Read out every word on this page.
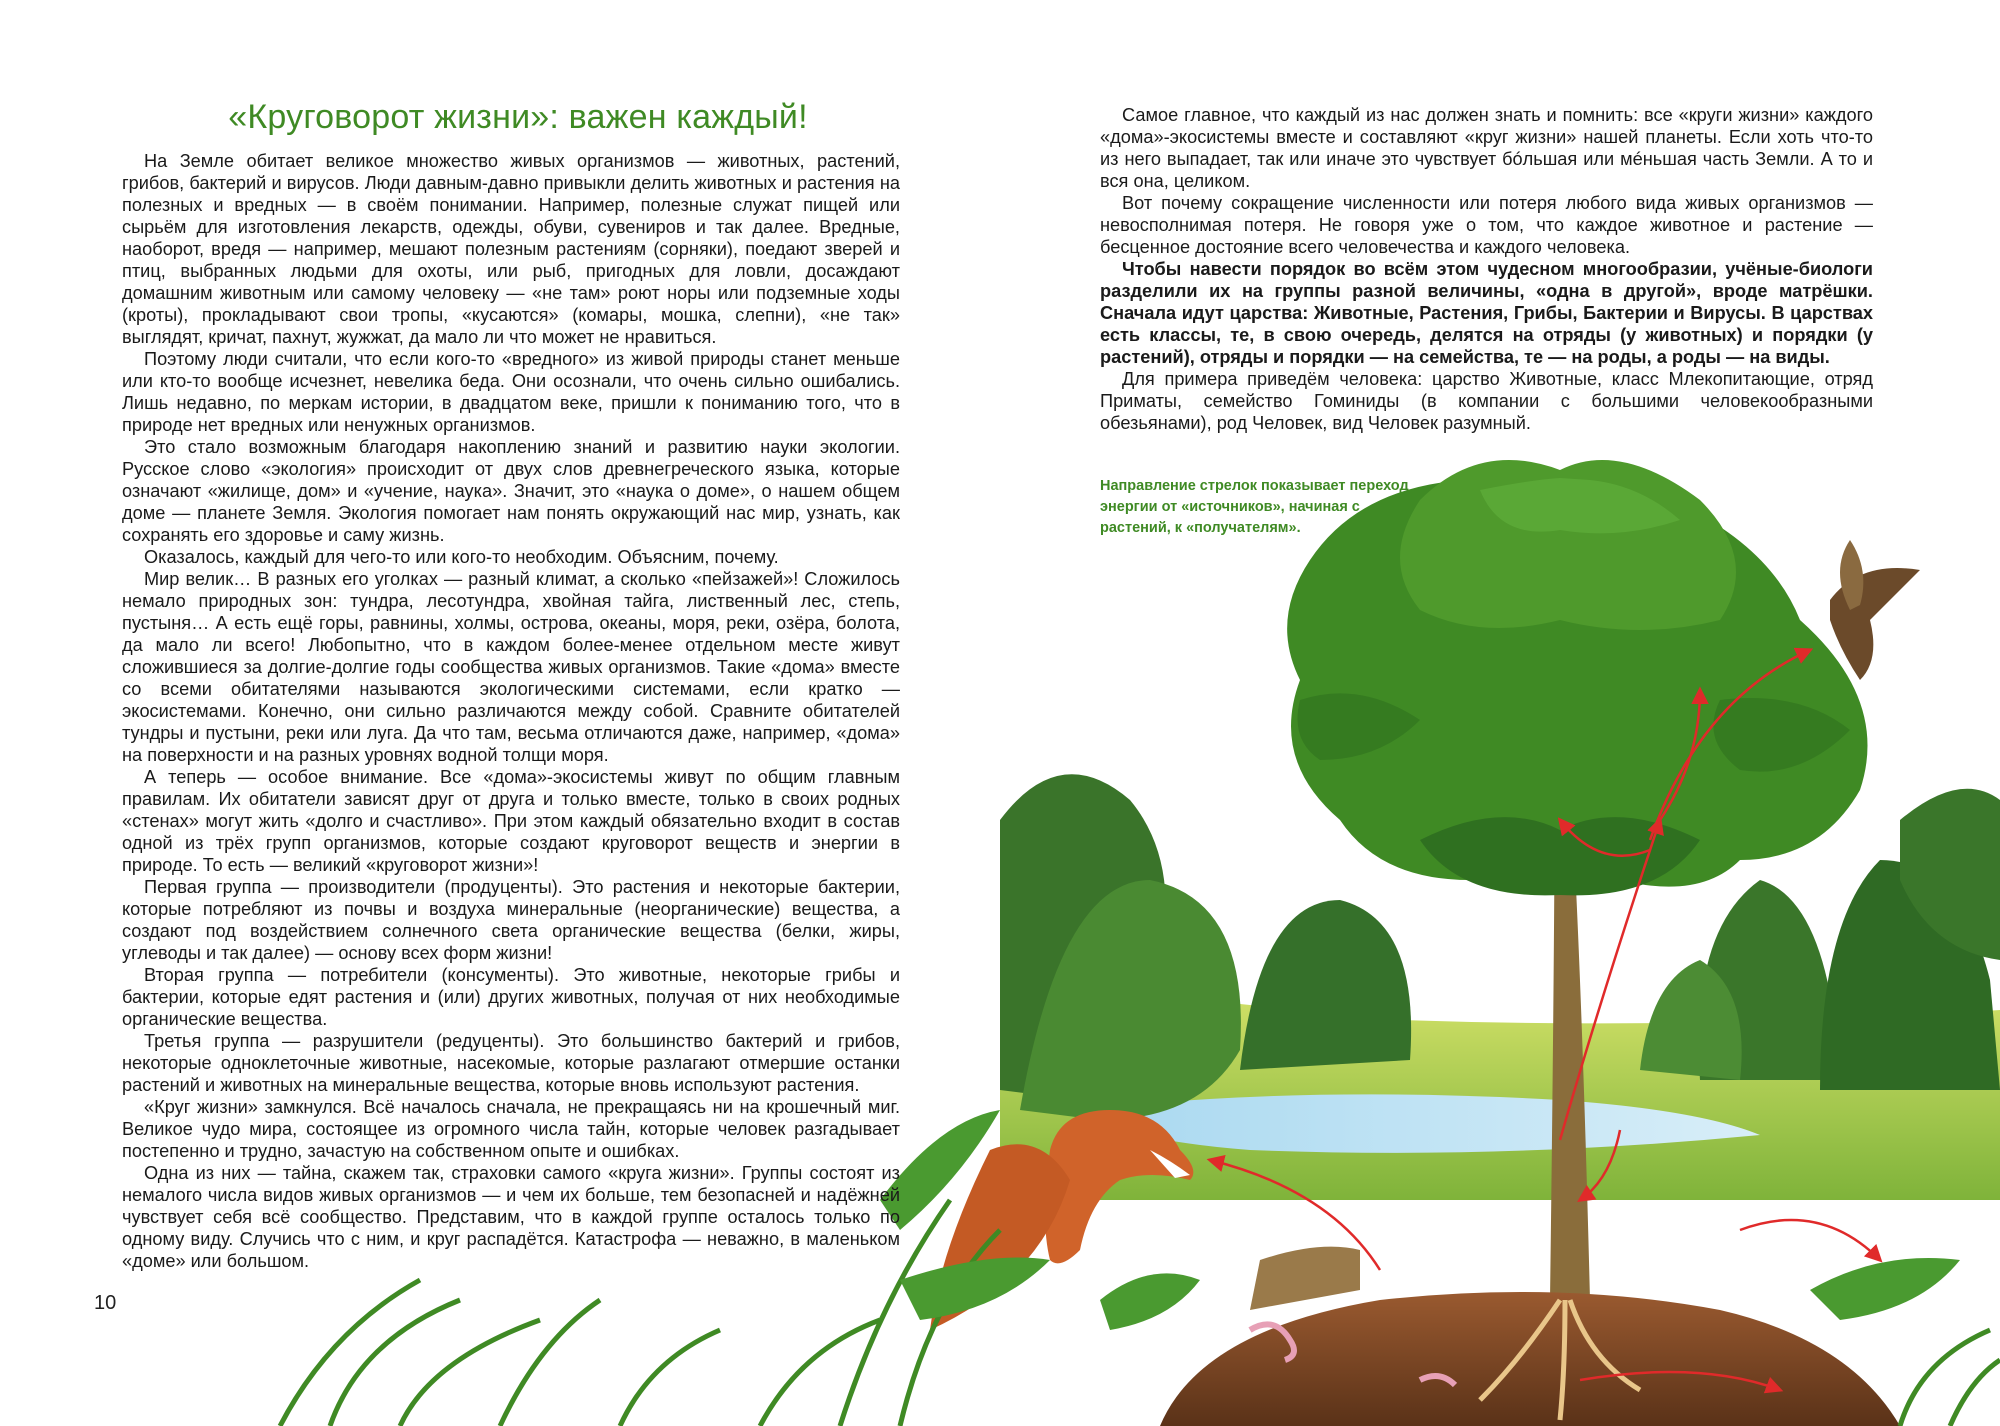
«Круговорот жизни»: важен каждый!

На Земле обитает великое множество живых организмов — животных, растений, грибов, бактерий и вирусов. Люди давным-давно привыкли делить животных и растения на полезных и вредных — в своём понимании. Например, полезные служат пищей или сырьём для изготовления лекарств, одежды, обуви, сувениров и так далее. Вредные, наоборот, вредя — например, мешают полезным растениям (сорняки), поедают зверей и птиц, выбранных людьми для охоты, или рыб, пригодных для ловли, досаждают домашним животным или самому человеку — «не там» роют норы или подземные ходы (кроты), прокладывают свои тропы, «кусаются» (комары, мошка, слепни), «не так» выглядят, кричат, пахнут, жужжат, да мало ли что может не нравиться.

Поэтому люди считали, что если кого-то «вредного» из живой природы станет меньше или кто-то вообще исчезнет, невелика беда. Они осознали, что очень сильно ошибались. Лишь недавно, по меркам истории, в двадцатом веке, пришли к пониманию того, что в природе нет вредных или ненужных организмов.

Это стало возможным благодаря накоплению знаний и развитию науки экологии. Русское слово «экология» происходит от двух слов древнегреческого языка, которые означают «жилище, дом» и «учение, наука». Значит, это «наука о доме», о нашем общем доме — планете Земля. Экология помогает нам понять окружающий нас мир, узнать, как сохранять его здоровье и саму жизнь.

Оказалось, каждый для чего-то или кого-то необходим. Объясним, почему.

Мир велик… В разных его уголках — разный климат, а сколько «пейзажей»! Сложилось немало природных зон: тундра, лесотундра, хвойная тайга, лиственный лес, степь, пустыня… А есть ещё горы, равнины, холмы, острова, океаны, моря, реки, озёра, болота, да мало ли всего! Любопытно, что в каждом более-менее отдельном месте живут сложившиеся за долгие-долгие годы сообщества живых организмов. Такие «дома» вместе со всеми обитателями называются экологическими системами, если кратко — экосистемами. Конечно, они сильно различаются между собой. Сравните обитателей тундры и пустыни, реки или луга. Да что там, весьма отличаются даже, например, «дома» на поверхности и на разных уровнях водной толщи моря.

А теперь — особое внимание. Все «дома»-экосистемы живут по общим главным правилам. Их обитатели зависят друг от друга и только вместе, только в своих родных «стенах» могут жить «долго и счастливо». При этом каждый обязательно входит в состав одной из трёх групп организмов, которые создают круговорот веществ и энергии в природе. То есть — великий «круговорот жизни»!

Первая группа — производители (продуценты). Это растения и некоторые бактерии, которые потребляют из почвы и воздуха минеральные (неорганические) вещества, а создают под воздействием солнечного света органические вещества (белки, жиры, углеводы и так далее) — основу всех форм жизни!

Вторая группа — потребители (консументы). Это животные, некоторые грибы и бактерии, которые едят растения и (или) других животных, получая от них необходимые органические вещества.

Третья группа — разрушители (редуценты). Это большинство бактерий и грибов, некоторые одноклеточные животные, насекомые, которые разлагают отмершие останки растений и животных на минеральные вещества, которые вновь используют растения.

«Круг жизни» замкнулся. Всё началось сначала, не прекращаясь ни на крошечный миг. Великое чудо мира, состоящее из огромного числа тайн, которые человек разгадывает постепенно и трудно, зачастую на собственном опыте и ошибках.

Одна из них — тайна, скажем так, страховки самого «круга жизни». Группы состоят из немалого числа видов живых организмов — и чем их больше, тем безопасней и надёжней чувствует себя всё сообщество. Представим, что в каждой группе осталось только по одному виду. Случись что с ним, и круг распадётся. Катастрофа — неважно, в маленьком «доме» или большом.

Самое главное, что каждый из нас должен знать и помнить: все «круги жизни» каждого «дома»-экосистемы вместе и составляют «круг жизни» нашей планеты. Если хоть что-то из него выпадает, так или иначе это чувствует бóльшая или мéньшая часть Земли. А то и вся она, целиком.

Вот почему сокращение численности или потеря любого вида живых организмов — невосполнимая потеря. Не говоря уже о том, что каждое животное и растение — бесценное достояние всего человечества и каждого человека.

Чтобы навести порядок во всём этом чудесном многообразии, учёные-биологи разделили их на группы разной величины, «одна в другой», вроде матрёшки. Сначала идут царства: Животные, Растения, Грибы, Бактерии и Вирусы. В царствах есть классы, те, в свою очередь, делятся на отряды (у животных) и порядки (у растений), отряды и порядки — на семейства, те — на роды, а роды — на виды.

Для примера приведём человека: царство Животные, класс Млекопитающие, отряд Приматы, семейство Гоминиды (в компании с большими человекообразными обезьянами), род Человек, вид Человек разумный.

Направление стрелок показывает переход энергии от «источников», начиная с растений, к «получателям».
10
